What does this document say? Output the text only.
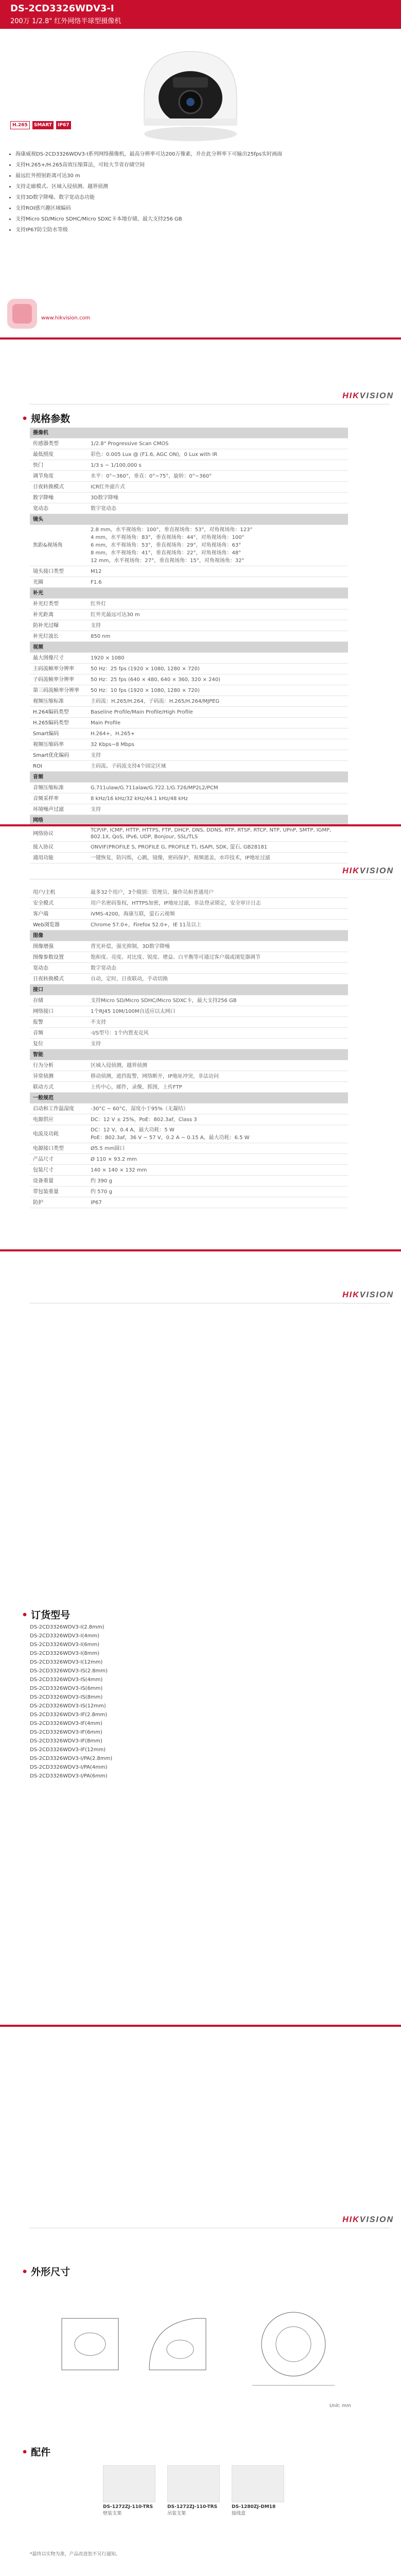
DS-2CD3326WDV3-I
200万 1/2.8" 红外网络半球型摄像机
H.265 SMART IP67
• 海康威视DS-2CD3326WDV3-I系列网络摄像机，最高分辨率可达200万像素，并在此分辨率下可输出25fps实时画面
• 支持H.265+/H.265高效压缩算法，可较大节省存储空间
• 最远红外照射距离可达30 m
• 支持走廊模式、区域入侵侦测、越界侦测
• 支持3D数字降噪、数字宽动态功能
• 支持ROI感兴趣区域编码
• 支持Micro SD/Micro SDHC/Micro SDXC卡本地存储，最大支持256 GB
• 支持IP67防尘防水等级
www.hikvision.com
HIKVISION
• 规格参数
摄像机	
传感器类型	1/2.8" Progressive Scan CMOS
最低照度	彩色：0.005 Lux @ (F1.6, AGC ON)，0 Lux with IR
快门	1/3 s ~ 1/100,000 s
调节角度	水平：0°~360°，垂直：0°~75°，旋转：0°~360°
日夜转换模式	ICR红外滤片式
数字降噪	3D数字降噪
宽动态	数字宽动态
镜头	
焦距&视场角	2.8 mm，水平视场角：100°，垂直视场角：53°，对角视场角：123°
4 mm，水平视场角：83°，垂直视场角：44°，对角视场角：100°
6 mm，水平视场角：53°，垂直视场角：29°，对角视场角：63°
8 mm，水平视场角：41°，垂直视场角：22°，对角视场角：48°
12 mm，水平视场角：27°，垂直视场角：15°，对角视场角：32°
镜头接口类型	M12
光圈	F1.6
补光	
补光灯类型	红外灯
补光距离	红外光最远可达30 m
防补光过曝	支持
补光灯波长	850 nm
视频	
最大图像尺寸	1920 × 1080
主码流帧率分辨率	50 Hz：25 fps (1920 × 1080, 1280 × 720)
子码流帧率分辨率	50 Hz：25 fps (640 × 480, 640 × 360, 320 × 240)
第三码流帧率分辨率	50 Hz：10 fps (1920 × 1080, 1280 × 720)
视频压缩标准	主码流：H.265/H.264，子码流：H.265/H.264/MJPEG
H.264编码类型	Baseline Profile/Main Profile/High Profile
H.265编码类型	Main Profile
Smart编码	H.264+，H.265+
视频压缩码率	32 Kbps~8 Mbps
Smart优化编码	支持
ROI	主码流、子码流支持4个固定区域
音频	
音频压缩标准	G.711ulaw/G.711alaw/G.722.1/G.726/MP2L2/PCM
音频采样率	8 kHz/16 kHz/32 kHz/44.1 kHz/48 kHz
环境噪声过滤	支持
网络	
网络协议	TCP/IP, ICMP, HTTP, HTTPS, FTP, DHCP, DNS, DDNS, RTP, RTSP, RTCP, NTP, UPnP, SMTP, IGMP, 802.1X, QoS, IPv6, UDP, Bonjour, SSL/TLS
接入协议	ONVIF(PROFILE S, PROFILE G, PROFILE T), ISAPI, SDK, 萤石, GB28181
通用功能	一键恢复，防闪烁，心跳，镜像，密码保护，视频遮盖，水印技术，IP地址过滤
HIKVISION
用户/主机	最多32个用户，3个级别：管理员、操作员和普通用户
安全模式	用户名密码鉴权，HTTPS加密，IP地址过滤，非法登录锁定，安全审计日志
客户端	iVMS-4200，海康互联，萤石云视频
Web浏览器	Chrome 57.0+，Firefox 52.0+，IE 11及以上
图像	
图像增强	背光补偿，强光抑制，3D数字降噪
图像参数设置	饱和度、亮度、对比度、锐度、增益、白平衡等可通过客户端或浏览器调节
宽动态	数字宽动态
日夜转换模式	自动，定时，日夜联动，手动切换
接口	
存储	支持Micro SD/Micro SDHC/Micro SDXC卡，最大支持256 GB
网络接口	1个RJ45 10M/100M自适应以太网口
报警	不支持
音频	-I/S型号：1个内置麦克风
复位	支持
智能	
行为分析	区域入侵侦测，越界侦测
异常侦测	移动侦测，遮挡报警，网络断开，IP地址冲突，非法访问
联动方式	上传中心，邮件，录像，抓图，上传FTP
一般规范	
启动和工作温湿度	-30°C ~ 60°C，湿度小于95%（无凝结）
电源供应	DC：12 V ± 25%，PoE：802.3af，Class 3
电流及功耗	DC：12 V，0.4 A，最大功耗：5 W
PoE：802.3af，36 V ~ 57 V，0.2 A ~ 0.15 A，最大功耗：6.5 W
电源接口类型	Ø5.5 mm圆口
产品尺寸	Ø 110 × 93.2 mm
包装尺寸	140 × 140 × 132 mm
设备重量	约 390 g
带包装重量	约 570 g
防护	IP67
HIKVISION
• 订货型号
DS-2CD3326WDV3-I(2.8mm)
DS-2CD3326WDV3-I(4mm)
DS-2CD3326WDV3-I(6mm)
DS-2CD3326WDV3-I(8mm)
DS-2CD3326WDV3-I(12mm)
DS-2CD3326WDV3-IS(2.8mm)
DS-2CD3326WDV3-IS(4mm)
DS-2CD3326WDV3-IS(6mm)
DS-2CD3326WDV3-IS(8mm)
DS-2CD3326WDV3-IS(12mm)
DS-2CD3326WDV3-IF(2.8mm)
DS-2CD3326WDV3-IF(4mm)
DS-2CD3326WDV3-IF(6mm)
DS-2CD3326WDV3-IF(8mm)
DS-2CD3326WDV3-IF(12mm)
DS-2CD3326WDV3-I/PA(2.8mm)
DS-2CD3326WDV3-I/PA(4mm)
DS-2CD3326WDV3-I/PA(6mm)
HIKVISION
• 外形尺寸
Unit: mm
• 配件
DS-1272ZJ-110-TRS
壁装支架
DS-1272ZJ-110-TRS
吊装支架
DS-1280ZJ-DM18
接线盒
*最终以实物为准，产品改进恕不另行通知。
